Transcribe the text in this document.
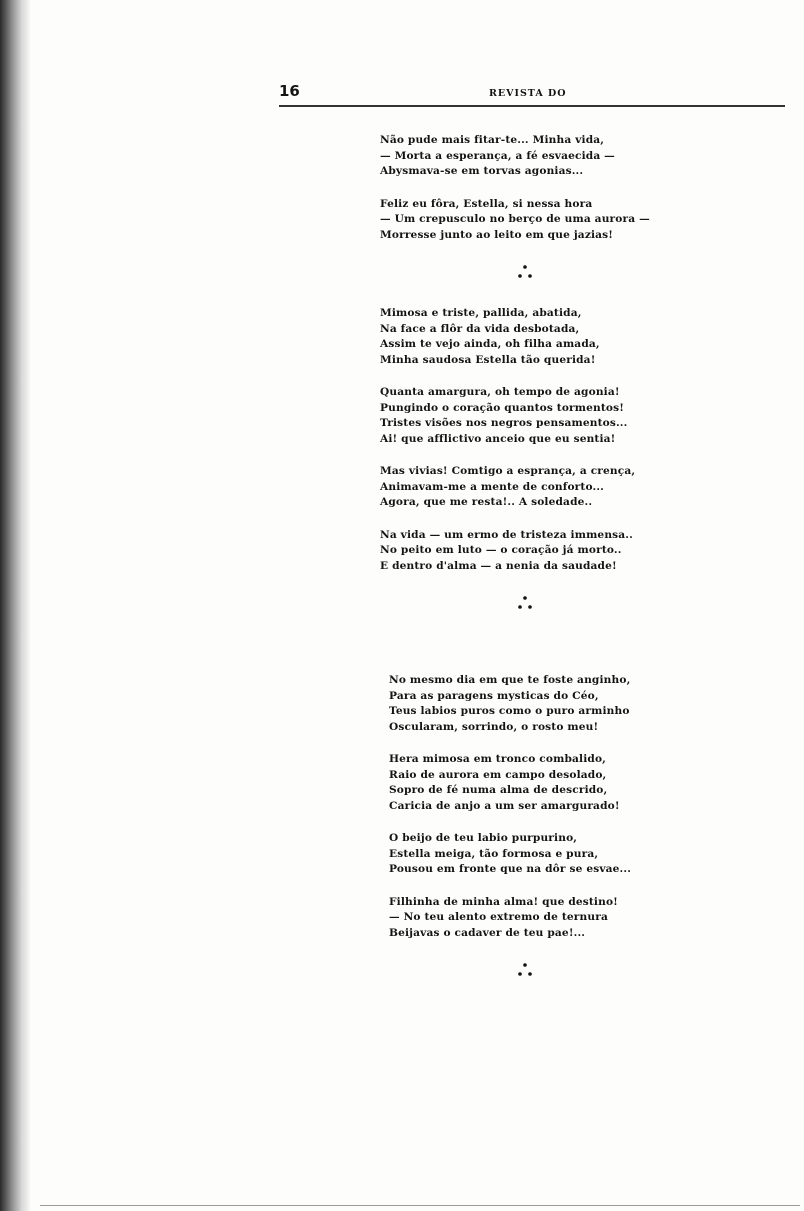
16	REVISTA DO
Não pude mais fitar-te... Minha vida,
— Morta a esperança, a fé esvaecida —
Abysmava-se em torvas agonias...
Feliz eu fôra, Estella, si nessa hora
— Um crepusculo no berço de uma aurora —
Morresse junto ao leito em que jazias!
Mimosa e triste, pallida, abatida,
Na face a flôr da vida desbotada,
Assim te vejo ainda, oh filha amada,
Minha saudosa Estella tão querida!
Quanta amargura, oh tempo de agonia!
Pungindo o coração quantos tormentos!
Tristes visões nos negros pensamentos...
Ai! que afflictivo anceio que eu sentia!
Mas vivias! Comtigo a esprança, a crença,
Animavam-me a mente de conforto...
Agora, que me resta!.. A soledade..
Na vida — um ermo de tristeza immensa..
No peito em luto — o coração já morto..
E dentro d'alma — a nenia da saudade!
No mesmo dia em que te foste anginho,
Para as paragens mysticas do Céo,
Teus labios puros como o puro arminho
Oscularam, sorrindo, o rosto meu!
Hera mimosa em tronco combalido,
Raio de aurora em campo desolado,
Sopro de fé numa alma de descrido,
Caricia de anjo a um ser amargurado!
O beijo de teu labio purpurino,
Estella meiga, tão formosa e pura,
Pousou em fronte que na dôr se esvae...
Filhinha de minha alma! que destino!
— No teu alento extremo de ternura
Beijavas o cadaver de teu pae!...
